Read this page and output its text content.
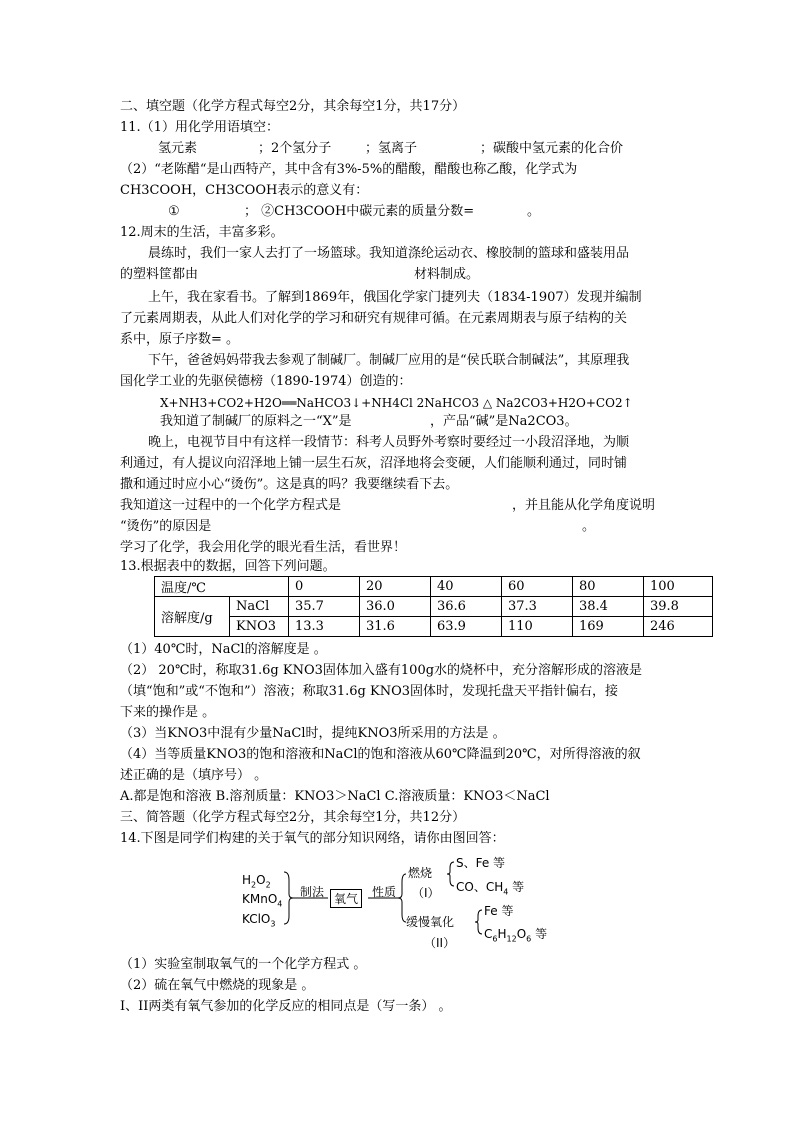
二、填空题（化学方程式每空2分，其余每空1分，共17分）
11.（1）用化学用语填空：
氢元素	；2个氢分子	；氢离子	；碳酸中氢元素的化合价
（2）“老陈醋“是山西特产，其中含有3%-5%的醋酸，醋酸也称乙酸，化学式为
CH3COOH，CH3COOH表示的意义有：
①	； ②CH3COOH中碳元素的质量分数=	。
12.周末的生活，丰富多彩。
晨练时，我们一家人去打了一场篮球。我知道涤纶运动衣、橡胶制的篮球和盛装用品
的塑料筐都由	材料制成。
上午，我在家看书。了解到1869年，俄国化学家门捷列夫（1834-1907）发现并编制
了元素周期表，从此人们对化学的学习和研究有规律可循。在元素周期表与原子结构的关
系中，原子序数= 。
下午，爸爸妈妈带我去参观了制碱厂。制碱厂应用的是“侯氏联合制碱法”，其原理我
国化学工业的先驱侯德榜（1890-1974）创造的：
X+NH3+CO2+H2O══NaHCO3↓+NH4Cl 2NaHCO3 △ Na2CO3+H2O+CO2↑
我知道了制碱厂的原料之一“X”是	，产品“碱”是Na2CO3。
晚上，电视节目中有这样一段情节：科考人员野外考察时要经过一小段沼泽地，为顺
利通过，有人提议向沼泽地上铺一层生石灰，沼泽地将会变硬，人们能顺利通过，同时铺
撒和通过时应小心“烫伤”。这是真的吗？我要继续看下去。
我知道这一过程中的一个化学方程式是	，并且能从化学角度说明
“烫伤”的原因是	。
学习了化学，我会用化学的眼光看生活，看世界！
13.根据表中的数据，回答下列问题。
温度/℃		0	20	40	60	80	100
溶解度/g	NaCl	35.7	36.0	36.6	37.3	38.4	39.8
	KNO3	13.3	31.6	63.9	110	169	246
（1）40℃时，NaCl的溶解度是 。
（2） 20℃时，称取31.6g KNO3固体加入盛有100g水的烧杯中，充分溶解形成的溶液是
（填“饱和”或“不饱和”）溶液；称取31.6g KNO3固体时，发现托盘天平指针偏右，接
下来的操作是 。
（3）当KNO3中混有少量NaCl时，提纯KNO3所采用的方法是 。
（4）当等质量KNO3的饱和溶液和NaCl的饱和溶液从60℃降温到20℃，对所得溶液的叙
述正确的是（填序号） 。
A.都是饱和溶液 B.溶剂质量：KNO3＞NaCl C.溶液质量：KNO3＜NaCl
三、简答题（化学方程式每空2分，其余每空1分，共12分）
14.下图是同学们构建的关于氧气的部分知识网络，请你由图回答：
$H_2O_2$
KMnO$_4$
KClO$_3$
制法 氧气	性质
燃烧
（I）
S、Fe 等
CO、$CH_4$ 等
缓慢氧化
（II）
Fe 等
$C_6H_{12}O_6$ 等
（1）实验室制取氧气的一个化学方程式 。
（2）硫在氧气中燃烧的现象是 。
I、II两类有氧气参加的化学反应的相同点是（写一条） 。
